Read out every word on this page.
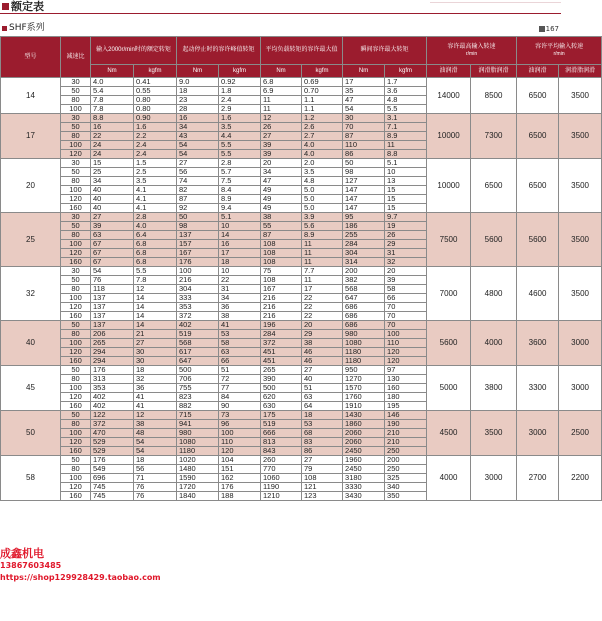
额定表
SHF系列	167
型号	减速比	输入2000r/min时的额定转矩		起动停止时的容许峰值转矩		平均负载转矩的容许最大值		瞬间容许最大转矩		容许最高输入转速
r/min		容许平均输入转速
r/min	

		Nm	kgfm	Nm	kgfm	Nm	kgfm	Nm	kgfm	油润滑	润滑脂润滑	油润滑	润滑脂润滑
14	30	4.0	0.41	9.0	0.92	6.8	0.69	17	1.7	14000	8500	6500	3500
	50	5.4	0.55	18	1.8	6.9	0.70	35	3.6				
	80	7.8	0.80	23	2.4	11	1.1	47	4.8				
	100	7.8	0.80	28	2.9	11	1.1	54	5.5				
17	30	8.8	0.90	16	1.6	12	1.2	30	3.1	10000	7300	6500	3500
	50	16	1.6	34	3.5	26	2.6	70	7.1				
	80	22	2.2	43	4.4	27	2.7	87	8.9				
	100	24	2.4	54	5.5	39	4.0	110	11				
	120	24	2.4	54	5.5	39	4.0	86	8.8				
20	30	15	1.5	27	2.8	20	2.0	50	5.1	10000	6500	6500	3500
	50	25	2.5	56	5.7	34	3.5	98	10				
	80	34	3.5	74	7.5	47	4.8	127	13				
	100	40	4.1	82	8.4	49	5.0	147	15				
	120	40	4.1	87	8.9	49	5.0	147	15				
	160	40	4.1	92	9.4	49	5.0	147	15				
25	30	27	2.8	50	5.1	38	3.9	95	9.7	7500	5600	5600	3500
	50	39	4.0	98	10	55	5.6	186	19				
	80	63	6.4	137	14	87	8.9	255	26				
	100	67	6.8	157	16	108	11	284	29				
	120	67	6.8	167	17	108	11	304	31				
	160	67	6.8	176	18	108	11	314	32				
32	30	54	5.5	100	10	75	7.7	200	20	7000	4800	4600	3500
	50	76	7.8	216	22	108	11	382	39				
	80	118	12	304	31	167	17	568	58				
	100	137	14	333	34	216	22	647	66				
	120	137	14	353	36	216	22	686	70				
	160	137	14	372	38	216	22	686	70				
40	50	137	14	402	41	196	20	686	70	5600	4000	3600	3000
	80	206	21	519	53	284	29	980	100				
	100	265	27	568	58	372	38	1080	110				
	120	294	30	617	63	451	46	1180	120				
	160	294	30	647	66	451	46	1180	120				
45	50	176	18	500	51	265	27	950	97	5000	3800	3300	3000
	80	313	32	706	72	390	40	1270	130				
	100	353	36	755	77	500	51	1570	160				
	120	402	41	823	84	620	63	1760	180				
	160	402	41	882	90	630	64	1910	195				
50	50	122	12	715	73	175	18	1430	146	4500	3500	3000	2500
	80	372	38	941	96	519	53	1860	190				
	100	470	48	980	100	666	68	2060	210				
	120	529	54	1080	110	813	83	2060	210				
	160	529	54	1180	120	843	86	2450	250				
58	50	176	18	1020	104	260	27	1960	200	4000	3000	2700	2200
	80	549	56	1480	151	770	79	2450	250				
	100	696	71	1590	162	1060	108	3180	325				
	120	745	76	1720	176	1190	121	3330	340				
	160	745	76	1840	188	1210	123	3430	350				
成鑫机电
13867603485
https://shop129928429.taobao.com
